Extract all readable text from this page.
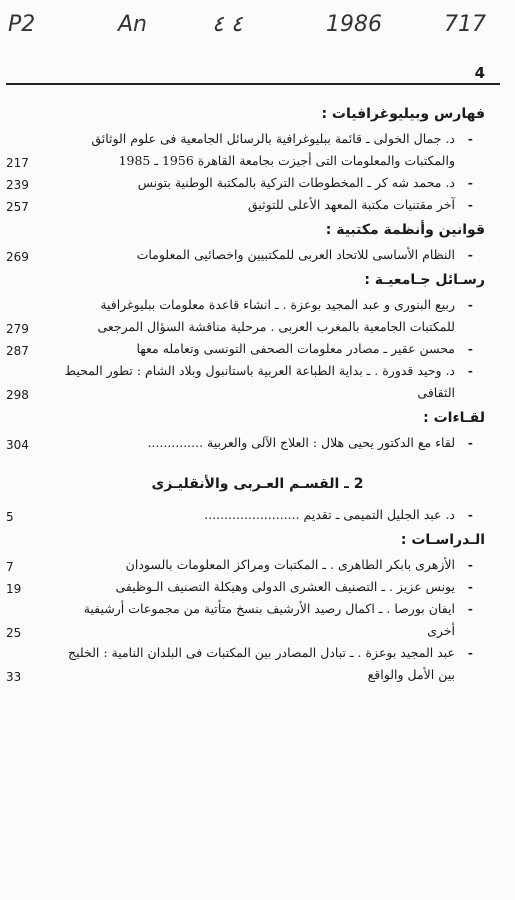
P2	An	٤ ٤	1986	717
4
فهارس وبيليوغرافيات :
-
د. جمال الخولى ـ قائمة ببليوغرافية بالرسائل الجامعية فى علوم الوثائق والمكتبات والمعلومات التى أجيزت بجامعة القاهرة 1956 ـ 1985
217
-
د. محمد شه كر ـ المخطوطات التركية بالمكتبة الوطنية بتونس
239
-
آخر مقتنيات مكتبة المعهد الأعلى للتوثيق
257
قوانين وأنظمة مكتبية :
-
النظام الأساسى للاتحاد العربى للمكتبيين واخصائيى المعلومات
269
رسـائل جـامعيـة :
-
ربيع البنورى و عبد المجيد بوعزة . ـ انشاء قاعدة معلومات ببليوغرافية للمكتبات الجامعية بالمغرب العربى . مرحلية مناقشة السؤال المرجعى
279
-
محسن عقير ـ مصادر معلومات الصحفى التونسى وتعامله معها
287
-
د. وحيد قدورة . ـ بداية الطباعة العربية باستانبول وبلاد الشام : تطور المحيط الثقافى
298
لقـاءات :
-
لقاء مع الدكتور يحيى هلال : العلاج الآلى والعربية ..............
304
2 ـ القسـم العـربى والأنقليـزى
-
د. عبد الجليل التميمى ـ تقديم ........................
5
الـدراسـات :
-
الأزهرى بابكر الطاهرى . ـ المكتبات ومراكز المعلومات بالسودان
7
-
يونس عزيز . ـ التصنيف العشرى الدولى وهيكلة التصنيف الـوظيفى
19
-
ايفان بورصا . ـ اكمال رصيد الأرشيف بنسخ متأتية من مجموعات أرشيفية أخرى
25
-
عبد المجيد بوعزة . ـ تبادل المصادر بين المكتبات فى البلدان النامية : الخليج بين الأمل والواقع
33
